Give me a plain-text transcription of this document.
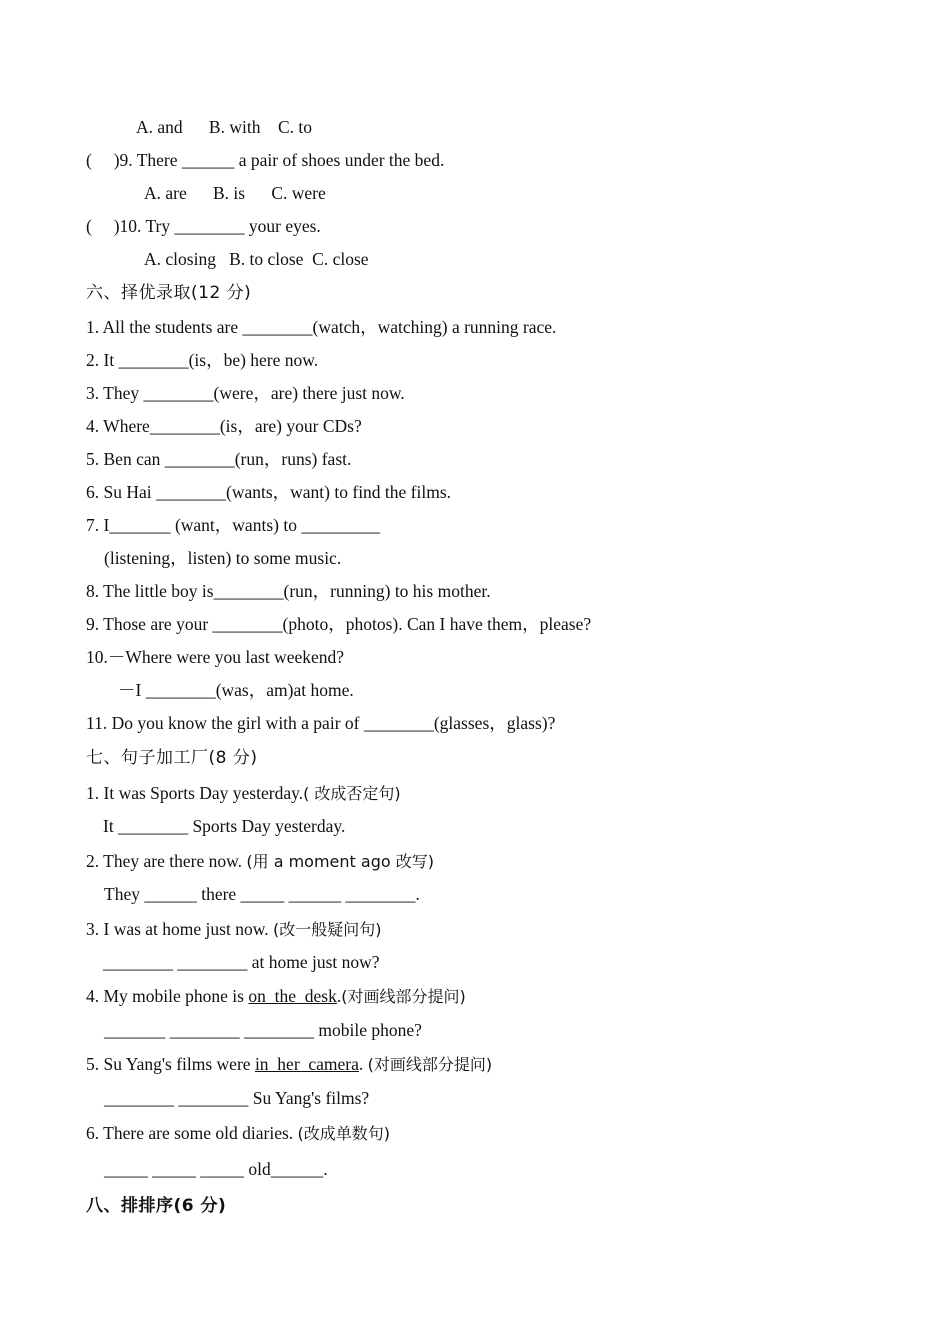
A. and      B. with    C. to
(     )9. There ______ a pair of shoes under the bed.
A. are      B. is      C. were
(     )10. Try ________ your eyes.
A. closing   B. to close  C. close
六、择优录取(12 分)
1. All the students are ________(watch，watching) a running race.
2. It ________(is，be) here now.
3. They ________(were，are) there just now.
4. Where________(is，are) your CDs?
5. Ben can ________(run，runs) fast.
6. Su Hai ________(wants，want) to find the films.
7. I_______ (want，wants) to _________
(listening，listen) to some music.
8. The little boy is________(run，running) to his mother.
9. Those are your ________(photo，photos). Can I have them，please?
10.－Where were you last weekend?
－I ________(was，am)at home.
11. Do you know the girl with a pair of ________(glasses，glass)?
七、句子加工厂(8 分)
1. It was Sports Day yesterday.( 改成否定句)
It ________ Sports Day yesterday.
2. They are there now. (用 a moment ago 改写)
They ______ there _____ ______ ________.
3. I was at home just now. (改一般疑问句)
________ ________ at home just now?
4. My mobile phone is on  the  desk.(对画线部分提问)
_______ ________ ________ mobile phone?
5. Su Yang's films were in  her  camera. (对画线部分提问)
________ ________ Su Yang's films?
6. There are some old diaries. (改成单数句)
_____ _____ _____ old______.
八、排排序(6 分)
